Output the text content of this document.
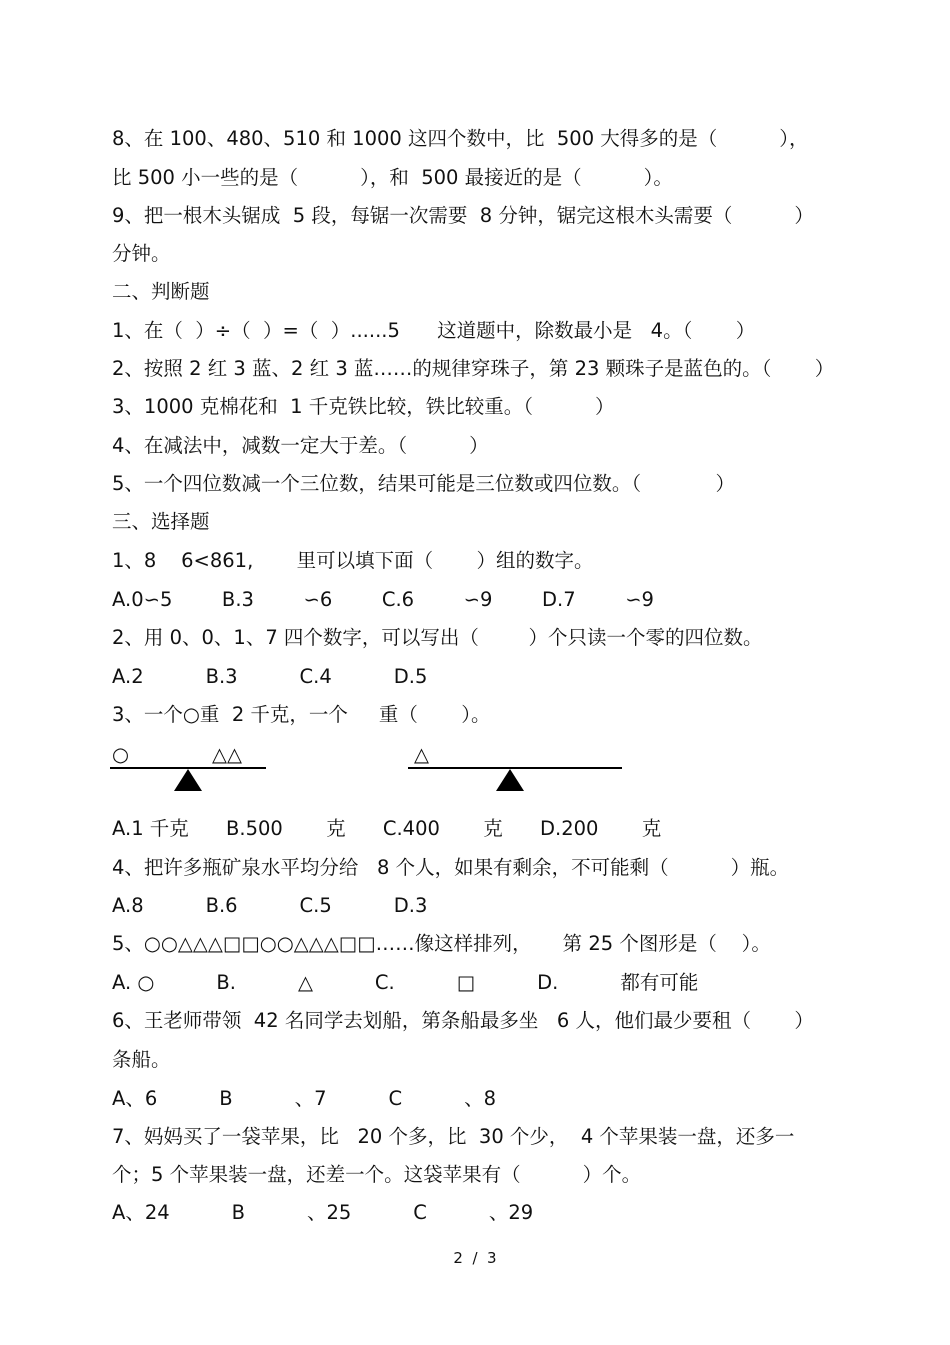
8、在 100、480、510 和 1000 这四个数中，比  500 大得多的是（          ），
比 500 小一些的是（          ），和  500 最接近的是（          ）。
9、把一根木头锯成  5 段，每锯一次需要  8 分钟，锯完这根木头需要（          ）
分钟。
二、判断题
1、在（  ）÷（  ）=（  ）......5      这道题中，除数最小是   4。（       ）
2、按照 2 红 3 蓝、2 红 3 蓝……的规律穿珠子，第 23 颗珠子是蓝色的。（       ）
3、1000 克棉花和  1 千克铁比较，铁比较重。（          ）
4、在减法中，减数一定大于差。（          ）
5、一个四位数减一个三位数，结果可能是三位数或四位数。（            ）
三、选择题
1、8    6<861,       里可以填下面（       ）组的数字。
A.0∽5        B.3        ∽6        C.6        ∽9        D.7        ∽9
2、用 0、0、1、7 四个数字，可以写出（        ）个只读一个零的四位数。
A.2          B.3          C.4          D.5
3、一个○重  2 千克，一个     重（       ）。
○	△△	△
A.1 千克      B.500       克      C.400       克      D.200       克
4、把许多瓶矿泉水平均分给   8 个人，如果有剩余，不可能剩（          ）瓶。
A.8          B.6          C.5          D.3
5、○○△△△□□○○△△△□□……像这样排列，     第 25 个图形是（    ）。
A. ○          B.          △          C.          □          D.          都有可能
6、王老师带领  42 名同学去划船，第条船最多坐   6 人，他们最少要租（       ）
条船。
A、6          B          、7          C          、8
7、妈妈买了一袋苹果，比   20 个多，比  30 个少，  4 个苹果装一盘，还多一
个；5 个苹果装一盘，还差一个。这袋苹果有（          ）个。
A、24          B          、25          C          、29
2  /  3
